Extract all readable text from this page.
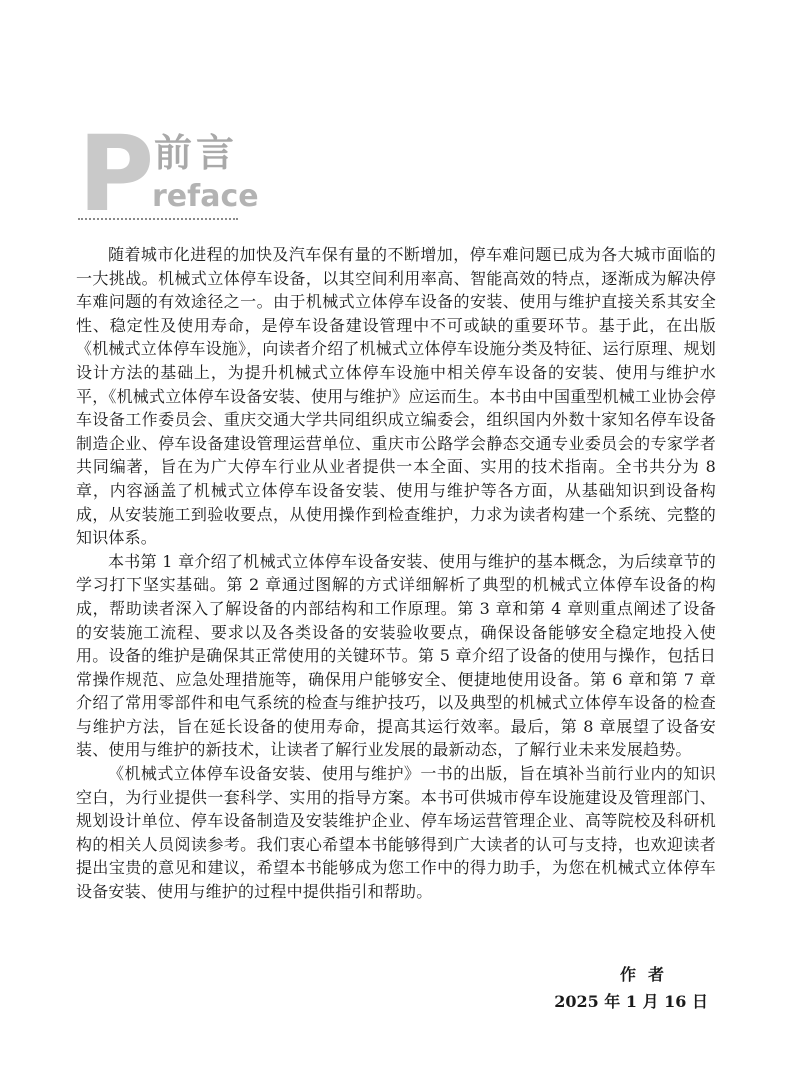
P 前言
reface

随着城市化进程的加快及汽车保有量的不断增加，停车难问题已成为各大城市面临的一大挑战。机械式立体停车设备，以其空间利用率高、智能高效的特点，逐渐成为解决停车难问题的有效途径之一。由于机械式立体停车设备的安装、使用与维护直接关系其安全性、稳定性及使用寿命，是停车设备建设管理中不可或缺的重要环节。基于此，在出版《机械式立体停车设施》，向读者介绍了机械式立体停车设施分类及特征、运行原理、规划设计方法的基础上，为提升机械式立体停车设施中相关停车设备的安装、使用与维护水平，《机械式立体停车设备安装、使用与维护》应运而生。本书由中国重型机械工业协会停车设备工作委员会、重庆交通大学共同组织成立编委会，组织国内外数十家知名停车设备制造企业、停车设备建设管理运营单位、重庆市公路学会静态交通专业委员会的专家学者共同编著，旨在为广大停车行业从业者提供一本全面、实用的技术指南。全书共分为 8 章，内容涵盖了机械式立体停车设备安装、使用与维护等各方面，从基础知识到设备构成，从安装施工到验收要点，从使用操作到检查维护，力求为读者构建一个系统、完整的知识体系。

本书第 1 章介绍了机械式立体停车设备安装、使用与维护的基本概念，为后续章节的学习打下坚实基础。第 2 章通过图解的方式详细解析了典型的机械式立体停车设备的构成，帮助读者深入了解设备的内部结构和工作原理。第 3 章和第 4 章则重点阐述了设备的安装施工流程、要求以及各类设备的安装验收要点，确保设备能够安全稳定地投入使用。设备的维护是确保其正常使用的关键环节。第 5 章介绍了设备的使用与操作，包括日常操作规范、应急处理措施等，确保用户能够安全、便捷地使用设备。第 6 章和第 7 章介绍了常用零部件和电气系统的检查与维护技巧，以及典型的机械式立体停车设备的检查与维护方法，旨在延长设备的使用寿命，提高其运行效率。最后，第 8 章展望了设备安装、使用与维护的新技术，让读者了解行业发展的最新动态，了解行业未来发展趋势。

《机械式立体停车设备安装、使用与维护》一书的出版，旨在填补当前行业内的知识空白，为行业提供一套科学、实用的指导方案。本书可供城市停车设施建设及管理部门、规划设计单位、停车设备制造及安装维护企业、停车场运营管理企业、高等院校及科研机构的相关人员阅读参考。我们衷心希望本书能够得到广大读者的认可与支持，也欢迎读者提出宝贵的意见和建议，希望本书能够成为您工作中的得力助手，为您在机械式立体停车设备安装、使用与维护的过程中提供指引和帮助。

作者
2025 年 1 月 16 日
